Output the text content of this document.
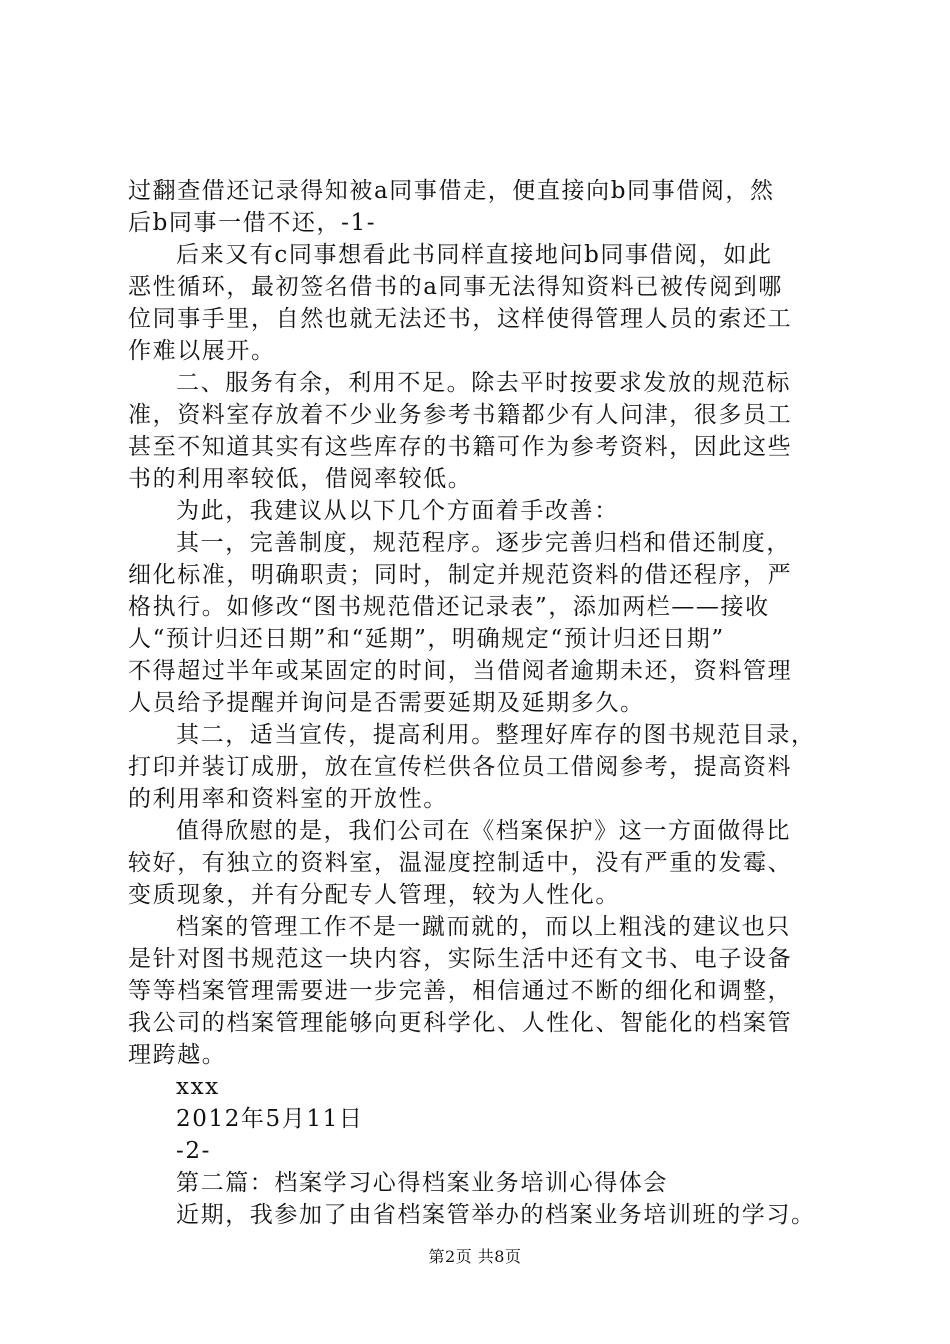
过翻查借还记录得知被a同事借走，便直接向b同事借阅，然
后b同事一借不还，-1-
后来又有c同事想看此书同样直接地问b同事借阅，如此
恶性循环，最初签名借书的a同事无法得知资料已被传阅到哪
位同事手里，自然也就无法还书，这样使得管理人员的索还工
作难以展开。
二、服务有余，利用不足。除去平时按要求发放的规范标
准，资料室存放着不少业务参考书籍都少有人问津，很多员工
甚至不知道其实有这些库存的书籍可作为参考资料，因此这些
书的利用率较低，借阅率较低。
为此，我建议从以下几个方面着手改善：
其一，完善制度，规范程序。逐步完善归档和借还制度，
细化标准，明确职责；同时，制定并规范资料的借还程序，严
格执行。如修改“图书规范借还记录表”，添加两栏——接收
人“预计归还日期”和“延期”，明确规定“预计归还日期”
不得超过半年或某固定的时间，当借阅者逾期未还，资料管理
人员给予提醒并询问是否需要延期及延期多久。
其二，适当宣传，提高利用。整理好库存的图书规范目录，
打印并装订成册，放在宣传栏供各位员工借阅参考，提高资料
的利用率和资料室的开放性。
值得欣慰的是，我们公司在《档案保护》这一方面做得比
较好，有独立的资料室，温湿度控制适中，没有严重的发霉、
变质现象，并有分配专人管理，较为人性化。
档案的管理工作不是一蹴而就的，而以上粗浅的建议也只
是针对图书规范这一块内容，实际生活中还有文书、电子设备
等等档案管理需要进一步完善，相信通过不断的细化和调整，
我公司的档案管理能够向更科学化、人性化、智能化的档案管
理跨越。
xxx
2012年5月11日
-2-
第二篇：档案学习心得档案业务培训心得体会
近期，我参加了由省档案管举办的档案业务培训班的学习。
第2页 共8页
